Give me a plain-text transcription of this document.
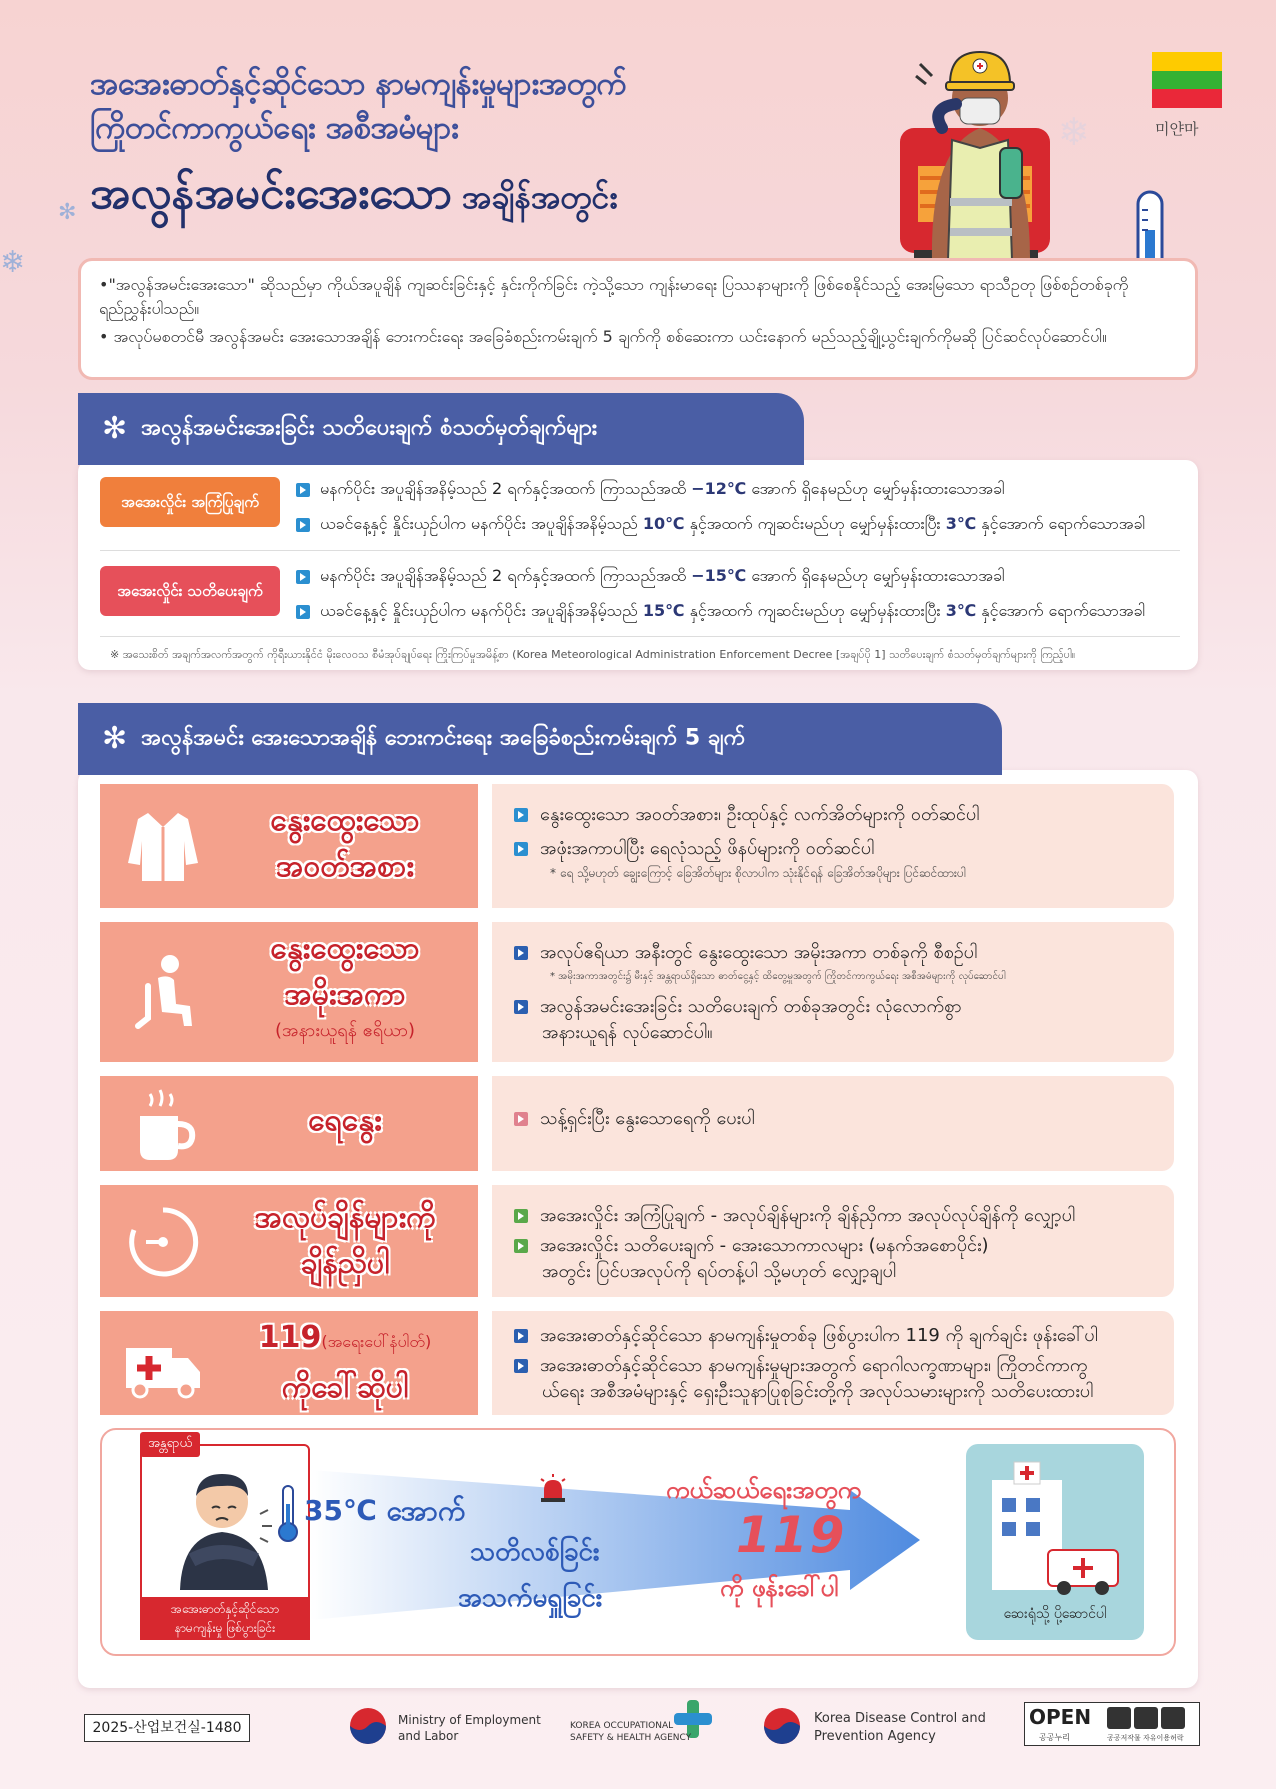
✻
❄
❄
အအေးဓာတ်နှင့်ဆိုင်သော နာမကျန်းမှုများအတွက်
ကြိုတင်ကာကွယ်ရေး အစီအမံများ
အလွန်အမင်းအေးသော အချိန်အတွင်း
미얀마

•"အလွန်အမင်းအေးသော" ဆိုသည်မှာ ကိုယ်အပူချိန် ကျဆင်းခြင်းနှင့် နှင်းကိုက်ခြင်း ကဲ့သို့သော ကျန်းမာရေး ပြဿနာများကို ဖြစ်စေနိုင်သည့် အေးမြသော ရာသီဥတု ဖြစ်စဉ်တစ်ခုကို ရည်ညွှန်းပါသည်။

• အလုပ်မစတင်မီ အလွန်အမင်း အေးသောအချိန် ဘေးကင်းရေး အခြေခံစည်းကမ်းချက် 5 ချက်ကို စစ်ဆေးကာ ယင်းနောက် မည်သည့်ချို့ယွင်းချက်ကိုမဆို ပြင်ဆင်လုပ်ဆောင်ပါ။

✻ အလွန်အမင်းအေးခြင်း သတိပေးချက် စံသတ်မှတ်ချက်များ
အအေးလှိုင်း အကြံပြုချက်
မနက်ပိုင်း အပူချိန်အနိမ့်သည် 2 ရက်နှင့်အထက် ကြာသည်အထိ −12℃ အောက် ရှိနေမည်ဟု မျှော်မှန်းထားသောအခါ
ယခင်နေ့နှင့် နှိုင်းယှဉ်ပါက မနက်ပိုင်း အပူချိန်အနိမ့်သည် 10℃ နှင့်အထက် ကျဆင်းမည်ဟု မျှော်မှန်းထားပြီး 3℃ နှင့်အောက် ရောက်သောအခါ
အအေးလှိုင်း သတိပေးချက်
မနက်ပိုင်း အပူချိန်အနိမ့်သည် 2 ရက်နှင့်အထက် ကြာသည်အထိ −15℃ အောက် ရှိနေမည်ဟု မျှော်မှန်းထားသောအခါ
ယခင်နေ့နှင့် နှိုင်းယှဉ်ပါက မနက်ပိုင်း အပူချိန်အနိမ့်သည် 15℃ နှင့်အထက် ကျဆင်းမည်ဟု မျှော်မှန်းထားပြီး 3℃ နှင့်အောက် ရောက်သောအခါ
※ အသေးစိတ် အချက်အလက်အတွက် ကိုရီးယားနိုင်ငံ မိုးလေဝသ စီမံအုပ်ချုပ်ရေး ကြိုးကြပ်မှုအမိန့်စာ (Korea Meteorological Administration Enforcement Decree [အချပ်ပို 1] သတိပေးချက် စံသတ်မှတ်ချက်များကို ကြည့်ပါ။
✻ အလွန်အမင်း အေးသောအချိန် ဘေးကင်းရေး အခြေခံစည်းကမ်းချက် 5 ချက်
နွေးထွေးသော
အဝတ်အစား
နွေးထွေးသော အဝတ်အစား၊ ဦးထုပ်နှင့် လက်အိတ်များကို ဝတ်ဆင်ပါ
အဖုံးအကာပါပြီး ရေလုံသည့် ဖိနပ်များကို ဝတ်ဆင်ပါ
* ရေ သို့မဟုတ် ချွေးကြောင့် ခြေအိတ်များ စိုလာပါက သုံးနိုင်ရန် ခြေအိတ်အပိုများ ပြင်ဆင်ထားပါ
နွေးထွေးသော
အမိုးအကာ
(အနားယူရန် ဧရိယာ)
အလုပ်ဧရိယာ အနီးတွင် နွေးထွေးသော အမိုးအကာ တစ်ခုကို စီစဉ်ပါ
* အမိုးအကာအတွင်း၌ မီးနှင့် အန္တရာယ်ရှိသော ဓာတ်ငွေ့နှင့် ထိတွေ့မှုအတွက် ကြိုတင်ကာကွယ်ရေး အစီအမံများကို လုပ်ဆောင်ပါ
အလွန်အမင်းအေးခြင်း သတိပေးချက် တစ်ခုအတွင်း လုံလောက်စွာ
အနားယူရန် လုပ်ဆောင်ပါ။
ရေနွေး	သန့်ရှင်းပြီး နွေးသောရေကို ပေးပါ
အလုပ်ချိန်များကို
ချိန်ညှိပါ
အအေးလှိုင်း အကြံပြုချက် - အလုပ်ချိန်များကို ချိန်ညှိကာ အလုပ်လုပ်ချိန်ကို လျှော့ပါ
အအေးလှိုင်း သတိပေးချက် - အေးသောကာလများ (မနက်အစောပိုင်း)
အတွင်း ပြင်ပအလုပ်ကို ရပ်တန့်ပါ သို့မဟုတ် လျှော့ချပါ
119(အရေးပေါ်နံပါတ်)
ကိုခေါ်ဆိုပါ
အအေးဓာတ်နှင့်ဆိုင်သော နာမကျန်းမှုတစ်ခု ဖြစ်ပွားပါက 119 ကို ချက်ချင်း ဖုန်းခေါ်ပါ
အအေးဓာတ်နှင့်ဆိုင်သော နာမကျန်းမှုများအတွက် ရောဂါလက္ခဏာများ၊ ကြိုတင်ကာကွ
ယ်ရေး အစီအမံများနှင့် ရှေးဦးသူနာပြုစုခြင်းတို့ကို အလုပ်သမားများကို သတိပေးထားပါ
အန္တရာယ်
အအေးဓာတ်နှင့်ဆိုင်သော
နာမကျန်းမှု ဖြစ်ပွားခြင်း
35℃ အောက်
သတိလစ်ခြင်း
အသက်မရှူခြင်း
ကယ်ဆယ်ရေးအတွက
119
ကို ဖုန်းခေါ်ပါ
ဆေးရုံသို့ ပို့ဆောင်ပါ
2025-산업보건실-1480	Ministry of Employment
and Labor
KOREA OCCUPATIONAL
SAFETY & HEALTH AGENCY
Korea Disease Control and
Prevention Agency
OPEN
공공누리	공공저작물 자유이용허락
